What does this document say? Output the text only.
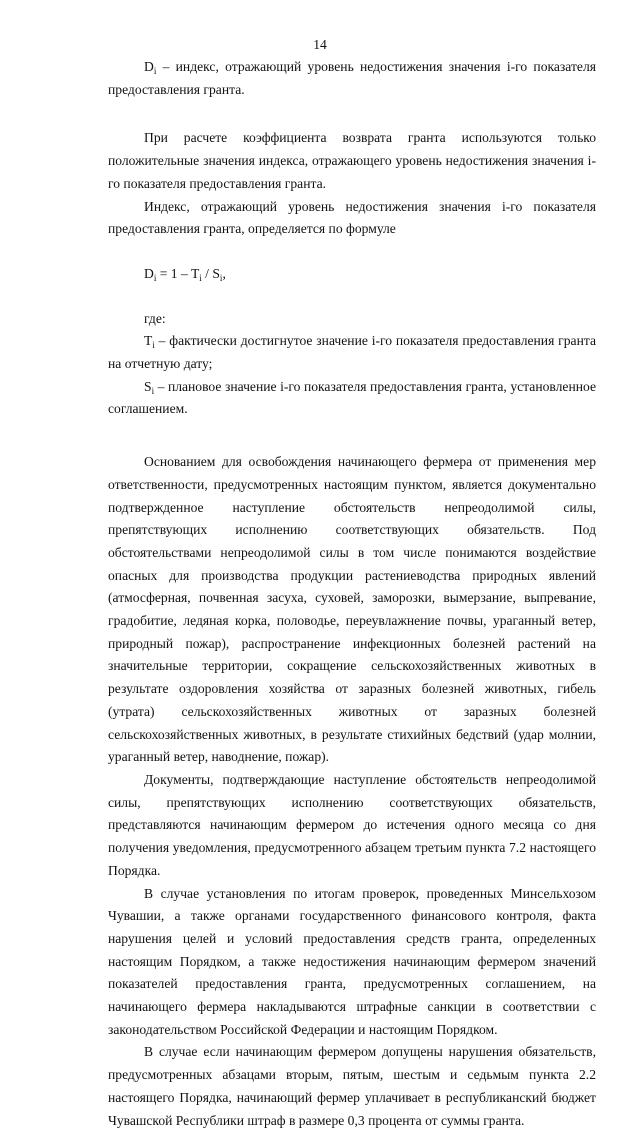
14

$D_i$ – индекс, отражающий уровень недостижения значения i-го показателя предоставления гранта.

При расчете коэффициента возврата гранта используются только положительные значения индекса, отражающего уровень недостижения значения i-го показателя предоставления гранта.

Индекс, отражающий уровень недостижения значения i-го показателя предоставления гранта, определяется по формуле

$D_i = 1 - T_i / S_i$,

где:

$T_i$ – фактически достигнутое значение i-го показателя предоставления гранта на отчетную дату;

$S_i$ – плановое значение i-го показателя предоставления гранта, установленное соглашением.

Основанием для освобождения начинающего фермера от применения мер ответственности, предусмотренных настоящим пунктом, является документально подтвержденное наступление обстоятельств непреодолимой силы, препятствующих исполнению соответствующих обязательств. Под обстоятельствами непреодолимой силы в том числе понимаются воздействие опасных для производства продукции растениеводства природных явлений (атмосферная, почвенная засуха, суховей, заморозки, вымерзание, выпревание, градобитие, ледяная корка, половодье, переувлажнение почвы, ураганный ветер, природный пожар), распространение инфекционных болезней растений на значительные территории, сокращение сельскохозяйственных животных в результате оздоровления хозяйства от заразных болезней животных, гибель (утрата) сельскохозяйственных животных от заразных болезней сельскохозяйственных животных, в результате стихийных бедствий (удар молнии, ураганный ветер, наводнение, пожар).

Документы, подтверждающие наступление обстоятельств непреодолимой силы, препятствующих исполнению соответствующих обязательств, представляются начинающим фермером до истечения одного месяца со дня получения уведомления, предусмотренного абзацем третьим пункта 7.2 настоящего Порядка.

В случае установления по итогам проверок, проведенных Минсельхозом Чувашии, а также органами государственного финансового контроля, факта нарушения целей и условий предоставления средств гранта, определенных настоящим Порядком, а также недостижения начинающим фермером значений показателей предоставления гранта, предусмотренных соглашением, на начинающего фермера накладываются штрафные санкции в соответствии с законодательством Российской Федерации и настоящим Порядком.

В случае если начинающим фермером допущены нарушения обязательств, предусмотренных абзацами вторым, пятым, шестым и седьмым пункта 2.2 настоящего Порядка, начинающий фермер уплачивает в республиканский бюджет Чувашской Республики штраф в размере 0,3 процента от суммы гранта.
